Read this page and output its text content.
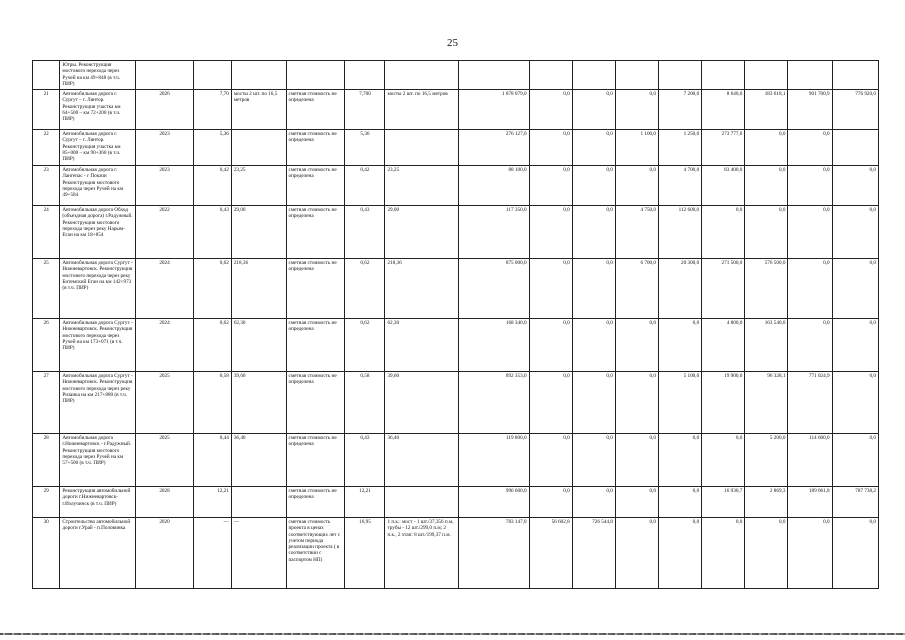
25
	Югры. Реконструкция мостового перехода через Ручей на км 49+848 (в т.ч. ПИР)															
21	Автомобильная дорога г. Сургут – г. Лянтор. Реконструкция участка км 64+500 – км 72+200 (в т.ч. ПИР)	2026	7,70	мосты 2 шт. по 16,5 метров	сметная стоимость не определена	7,700	мосты 2 шт. по 16,5 метров	1 878 079,0	0,0	0,0	0,0	7 200,0	8 640,0	183 618,1	901 700,9	776 920,0
22	Автомобильная дорога г. Сургут – г. Лянтор. Реконструкция участка км 85+000 – км 90+360 (в т.ч. ПИР)	2023	5,36		сметная стоимость не определена	5,36		276 127,0	0,0	0,0	1 100,0	1 250,0	273 777,0	0,0	0,0	
23	Автомобильная дорога г. Лангепас - г Покачи Реконструкция мостового перехода через Ручей на км 49+584	2023	0,42	23,25	сметная стоимость не определена	0,42	23,25	88 100,0	0,0	0,0	0,0	4 700,0	83 400,0	0,0	0,0	0,0
24	Автомобильная дорога Обход (объездная дорога) г.Радужный. Реконструкция мостового перехода через реку Нарым-Еган на км 18+854	2022	0,43	29,00	сметная стоимость не определена	0,43	29,00	117 350,0	0,0	0,0	4 750,0	112 600,0	0,0	0,0	0,0	0,0
25	Автомобильная дорога Сургут - Нижневартовск. Реконструкция мостового перехода через реку Битемский Еган на км 142+973 (в т.ч. ПИР)	2024	0,62	218,36	сметная стоимость не определена	0,62	218,36	875 000,0	0,0	0,0	6 700,0	20 300,0	271 500,0	576 500,0	0,0	0,0
26	Автомобильная дорога Сургут - Нижневартовск. Реконструкция мостового перехода через Ручей на км 173+071 (в т.ч. ПИР)	2024	0,62	62,30	сметная стоимость не определена	0,62	62,30	168 340,0	0,0	0,0	0,0	0,0	4 800,0	163 540,0	0,0	0,0
27	Автомобильная дорога Сургут - Нижневартовск. Реконструкция мостового перехода через реку Ризанка на км 217+880 (в т.ч. ПИР)	2025	0,58	39,60	сметная стоимость не определена	0,58	39,60	892 353,0	0,0	0,0	0,0	5 100,0	19 900,0	96 328,1	771 024,9	0,0
28	Автомобильная дорога г.Нижневартовск - г.Радужный. Реконструкция мостового перехода через Ручей на км 57+500 (в т.ч. ПИР)	2025	0,44	36,40	сметная стоимость не определена	0,43	36,40	119 800,0	0,0	0,0	0,0	0,0	0,0	5 200,0	114 600,0	0,0
29	Реконструкция автомобильной дороги г.Нижневартовск-г.Излучинск (в т.ч. ПИР)	2028	12,21		сметная стоимость не определена	12,21		996 600,0	0,0	0,0	0,0	0,0	16 930,7	2 869,3	189 061,8	787 738,2
30	Строительство автомобильной дороги г.Урай - п.Половинка	2020	—	—	сметная стоимость проекта в ценах соответствующих лет с учетом периода реализации проекта ( в соответствии с паспортом НП)	16,95	1 п.к.: мост - 1 шт./37,356 п.м, трубы - 12 шт./299,0 п.м; 2 п.к., 2 этап: 8 шт./199,37 п.м.	783 147,0	56 602,8	726 544,8	0,0	0,0	0,0	0,0	0,0	0,0
